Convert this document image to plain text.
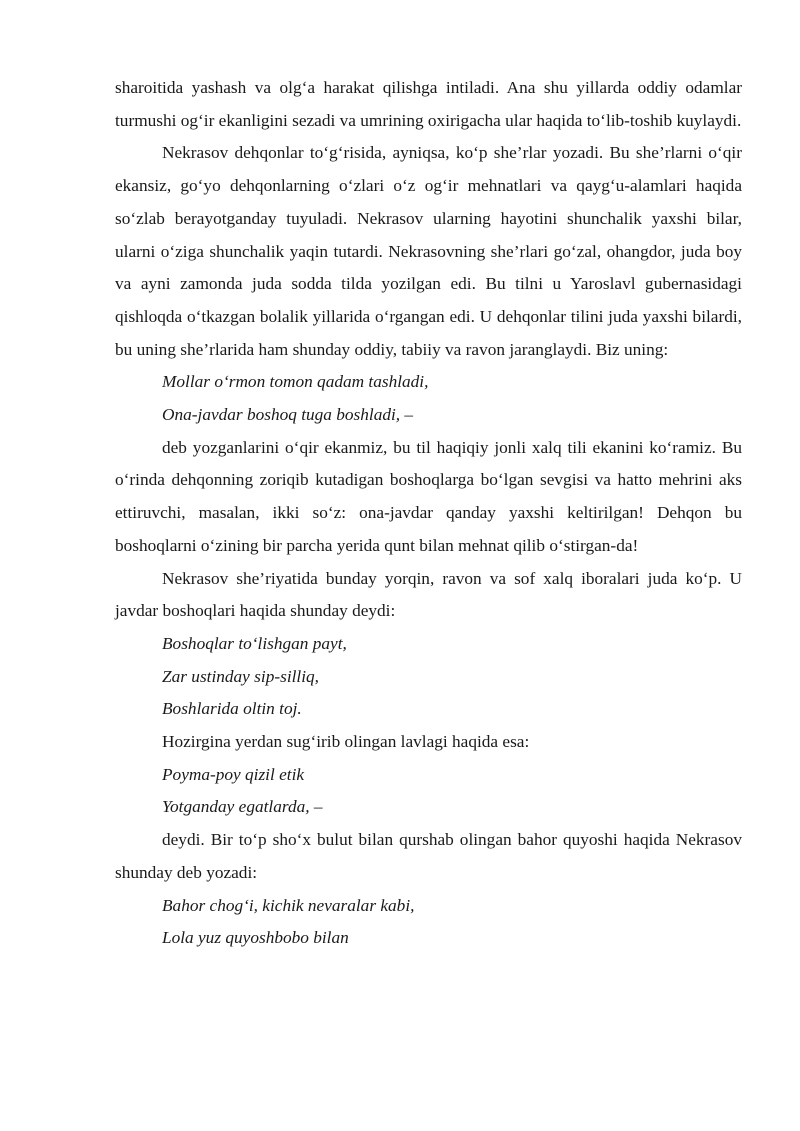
sharoitida yashash va olg‘a harakat qilishga intiladi. Ana shu yillarda oddiy odamlar turmushi og‘ir ekanligini sezadi va umrining oxirigacha ular haqida to‘lib-toshib kuylaydi.

Nekrasov dehqonlar to‘g‘risida, ayniqsa, ko‘p she’rlar yozadi. Bu she’rlarni o‘qir ekansiz, go‘yo dehqonlarning o‘zlari o‘z og‘ir mehnatlari va qayg‘u-alamlari haqida so‘zlab berayotganday tuyuladi. Nekrasov ularning hayotini shunchalik yaxshi bilar, ularni o‘ziga shunchalik yaqin tutardi. Nekrasovning she’rlari go‘zal, ohangdor, juda boy va ayni zamonda juda sodda tilda yozilgan edi. Bu tilni u Yaroslavl gubernasidagi qishloqda o‘tkazgan bolalik yillarida o‘rgangan edi. U dehqonlar tilini juda yaxshi bilardi, bu uning she’rlarida ham shunday oddiy, tabiiy va ravon jaranglaydi. Biz uning:

Mollar o‘rmon tomon qadam tashladi,

Ona-javdar boshoq tuga boshladi, –

deb yozganlarini o‘qir ekanmiz, bu til haqiqiy jonli xalq tili ekanini ko‘ramiz. Bu o‘rinda dehqonning zoriqib kutadigan boshoqlarga bo‘lgan sevgisi va hatto mehrini aks ettiruvchi, masalan, ikki so‘z: ona-javdar qanday yaxshi keltirilgan! Dehqon bu boshoqlarni o‘zining bir parcha yerida qunt bilan mehnat qilib o‘stirgan-da!

Nekrasov she’riyatida bunday yorqin, ravon va sof xalq iboralari juda ko‘p. U javdar boshoqlari haqida shunday deydi:

Boshoqlar to‘lishgan payt,

Zar ustinday sip-silliq,

Boshlarida oltin toj.

Hozirgina yerdan sug‘irib olingan lavlagi haqida esa:

Poyma-poy qizil etik

Yotganday egatlarda, –

deydi. Bir to‘p sho‘x bulut bilan qurshab olingan bahor quyoshi haqida Nekrasov shunday deb yozadi:

Bahor chog‘i, kichik nevaralar kabi,

Lola yuz quyoshbobo bilan
